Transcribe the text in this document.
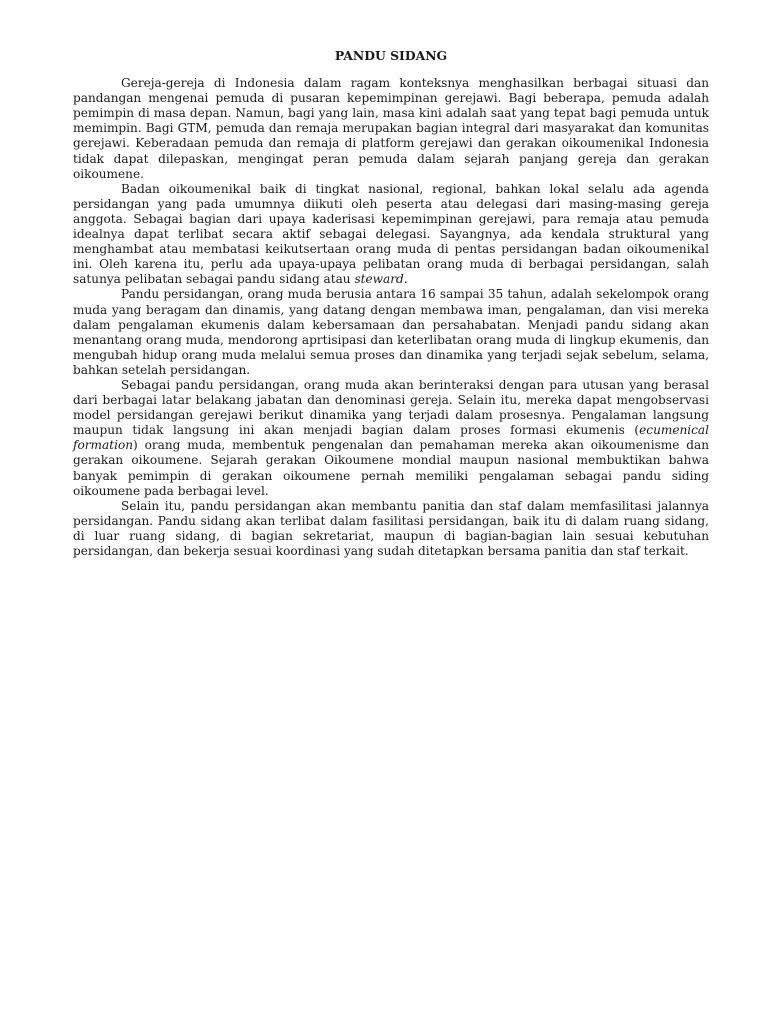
PANDU SIDANG

Gereja-gereja di Indonesia dalam ragam konteksnya menghasilkan berbagai situasi dan pandangan mengenai pemuda di pusaran kepemimpinan gerejawi. Bagi beberapa, pemuda adalah pemimpin di masa depan. Namun, bagi yang lain, masa kini adalah saat yang tepat bagi pemuda untuk memimpin. Bagi GTM, pemuda dan remaja merupakan bagian integral dari masyarakat dan komunitas gerejawi. Keberadaan pemuda dan remaja di platform gerejawi dan gerakan oikoumenikal Indonesia tidak dapat dilepaskan, mengingat peran pemuda dalam sejarah panjang gereja dan gerakan oikoumene.

Badan oikoumenikal baik di tingkat nasional, regional, bahkan lokal selalu ada agenda persidangan yang pada umumnya diikuti oleh peserta atau delegasi dari masing-masing gereja anggota. Sebagai bagian dari upaya kaderisasi kepemimpinan gerejawi, para remaja atau pemuda idealnya dapat terlibat secara aktif sebagai delegasi. Sayangnya, ada kendala struktural yang menghambat atau membatasi keikutsertaan orang muda di pentas persidangan badan oikoumenikal ini. Oleh karena itu, perlu ada upaya-upaya pelibatan orang muda di berbagai persidangan, salah satunya pelibatan sebagai pandu sidang atau steward.

Pandu persidangan, orang muda berusia antara 16 sampai 35 tahun, adalah sekelompok orang muda yang beragam dan dinamis, yang datang dengan membawa iman, pengalaman, dan visi mereka dalam pengalaman ekumenis dalam kebersamaan dan persahabatan. Menjadi pandu sidang akan menantang orang muda, mendorong aprtisipasi dan keterlibatan orang muda di lingkup ekumenis, dan mengubah hidup orang muda melalui semua proses dan dinamika yang terjadi sejak sebelum, selama, bahkan setelah persidangan.

Sebagai pandu persidangan, orang muda akan berinteraksi dengan para utusan yang berasal dari berbagai latar belakang jabatan dan denominasi gereja. Selain itu, mereka dapat mengobservasi model persidangan gerejawi berikut dinamika yang terjadi dalam prosesnya. Pengalaman langsung maupun tidak langsung ini akan menjadi bagian dalam proses formasi ekumenis (ecumenical formation) orang muda, membentuk pengenalan dan pemahaman mereka akan oikoumenisme dan gerakan oikoumene. Sejarah gerakan Oikoumene mondial maupun nasional membuktikan bahwa banyak pemimpin di gerakan oikoumene pernah memiliki pengalaman sebagai pandu siding oikoumene pada berbagai level.

Selain itu, pandu persidangan akan membantu panitia dan staf dalam memfasilitasi jalannya persidangan. Pandu sidang akan terlibat dalam fasilitasi persidangan, baik itu di dalam ruang sidang, di luar ruang sidang, di bagian sekretariat, maupun di bagian-bagian lain sesuai kebutuhan persidangan, dan bekerja sesuai koordinasi yang sudah ditetapkan bersama panitia dan staf terkait.
